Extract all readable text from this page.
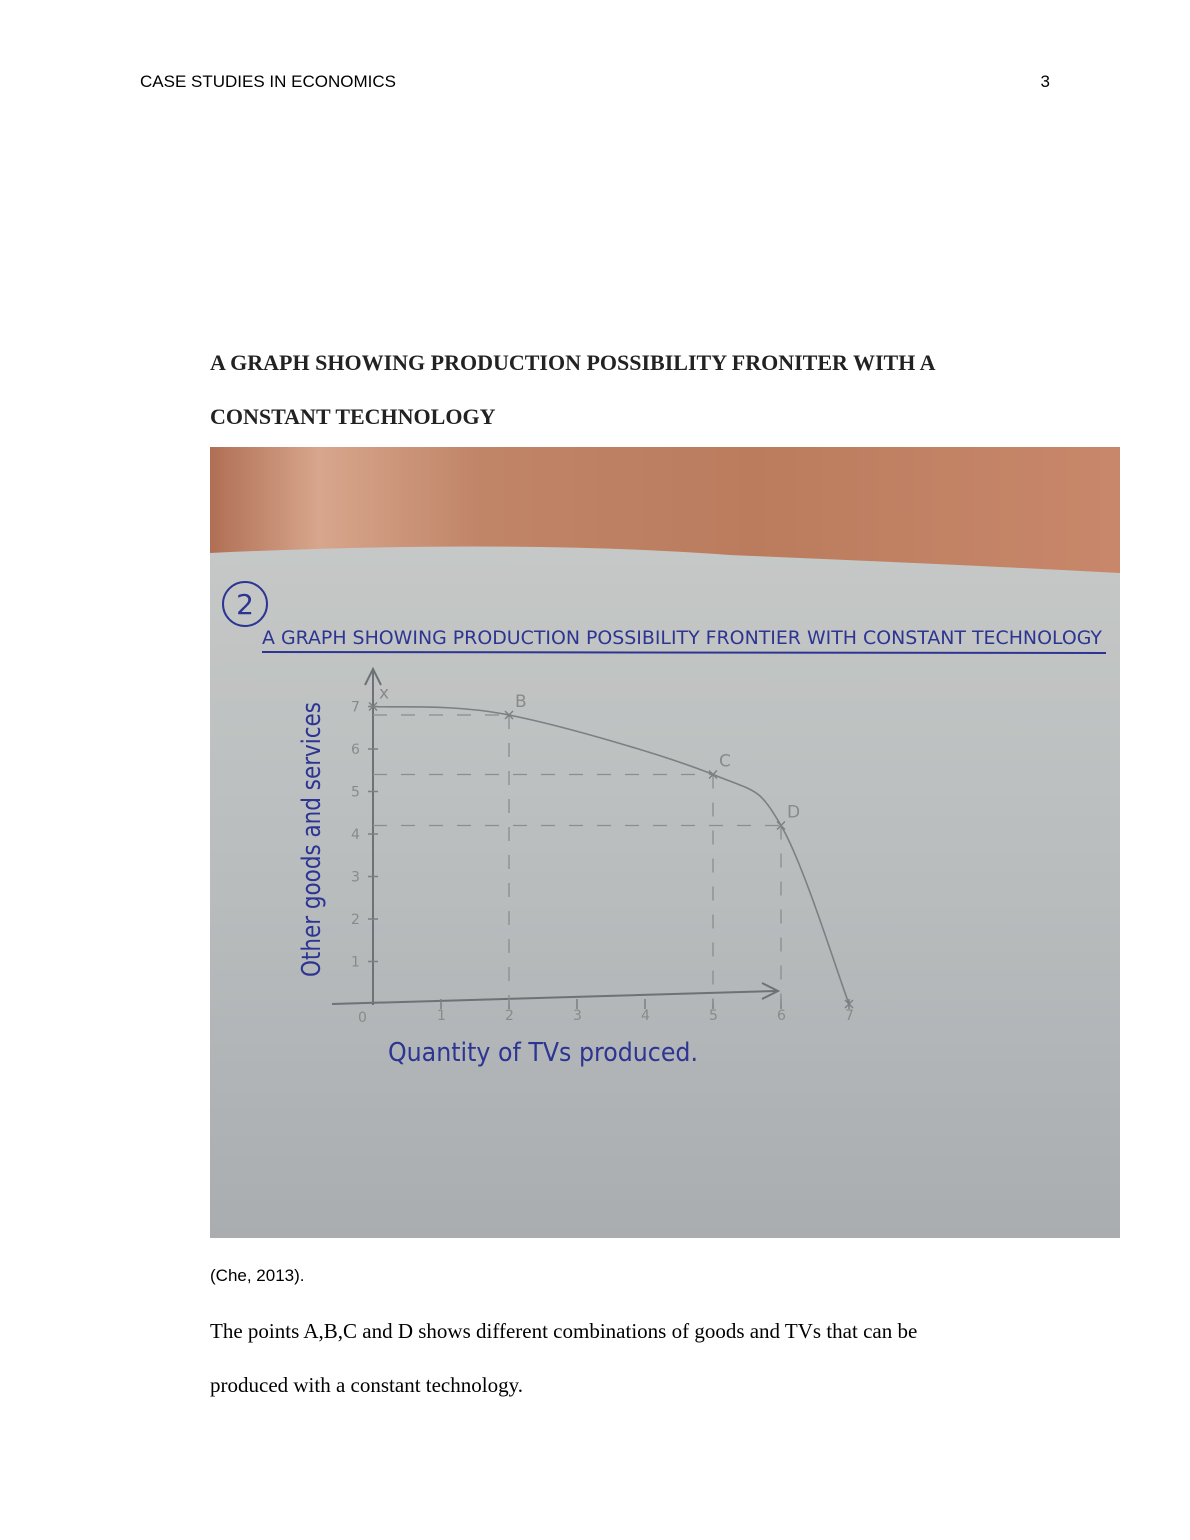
CASE STUDIES IN ECONOMICS	3
A GRAPH SHOWING PRODUCTION POSSIBILITY FRONITER WITH A
CONSTANT TECHNOLOGY
2
A GRAPH SHOWING PRODUCTION POSSIBILITY FRONTIER WITH CONSTANT TECHNOLOGY
1	2	3	4	5	6	7
1
2
3
4
5
6
7
x	B
C
D
Other goods and services
Quantity of TVs produced.
0
(Che, 2013).

The points A,B,C and D shows different combinations of goods and TVs that can be
produced with a constant technology.
